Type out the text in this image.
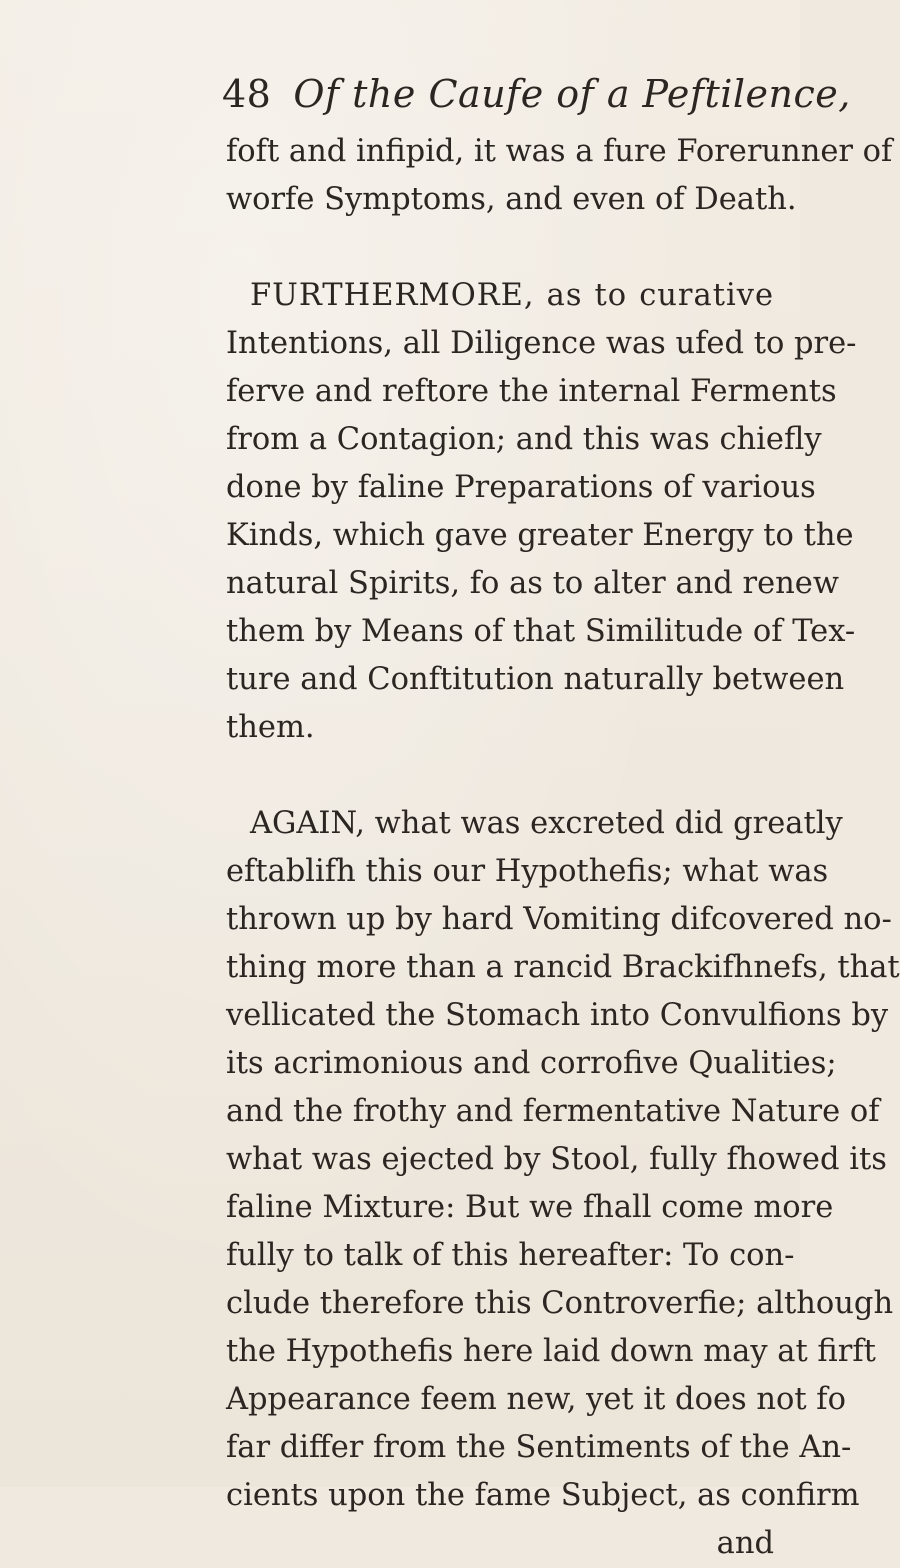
48 Of the Caufe of a Peftilence,
foft and infipid, it was a fure Forerunner of
worfe Symptoms, and even of Death.
FURTHERMORE, as to curative
Intentions, all Diligence was ufed to pre-
ferve and reftore the internal Ferments
from a Contagion; and this was chiefly
done by faline Preparations of various
Kinds, which gave greater Energy to the
natural Spirits, fo as to alter and renew
them by Means of that Similitude of Tex-
ture and Conftitution naturally between
them.
AGAIN, what was excreted did greatly
eftablifh this our Hypothefis; what was
thrown up by hard Vomiting difcovered no-
thing more than a rancid Brackifhnefs, that
vellicated the Stomach into Convulfions by
its acrimonious and corrofive Qualities;
and the frothy and fermentative Nature of
what was ejected by Stool, fully fhowed its
faline Mixture: But we fhall come more
fully to talk of this hereafter: To con-
clude therefore this Controverfie; although
the Hypothefis here laid down may at firft
Appearance feem new, yet it does not fo
far differ from the Sentiments of the An-
cients upon the fame Subject, as confirm
and
